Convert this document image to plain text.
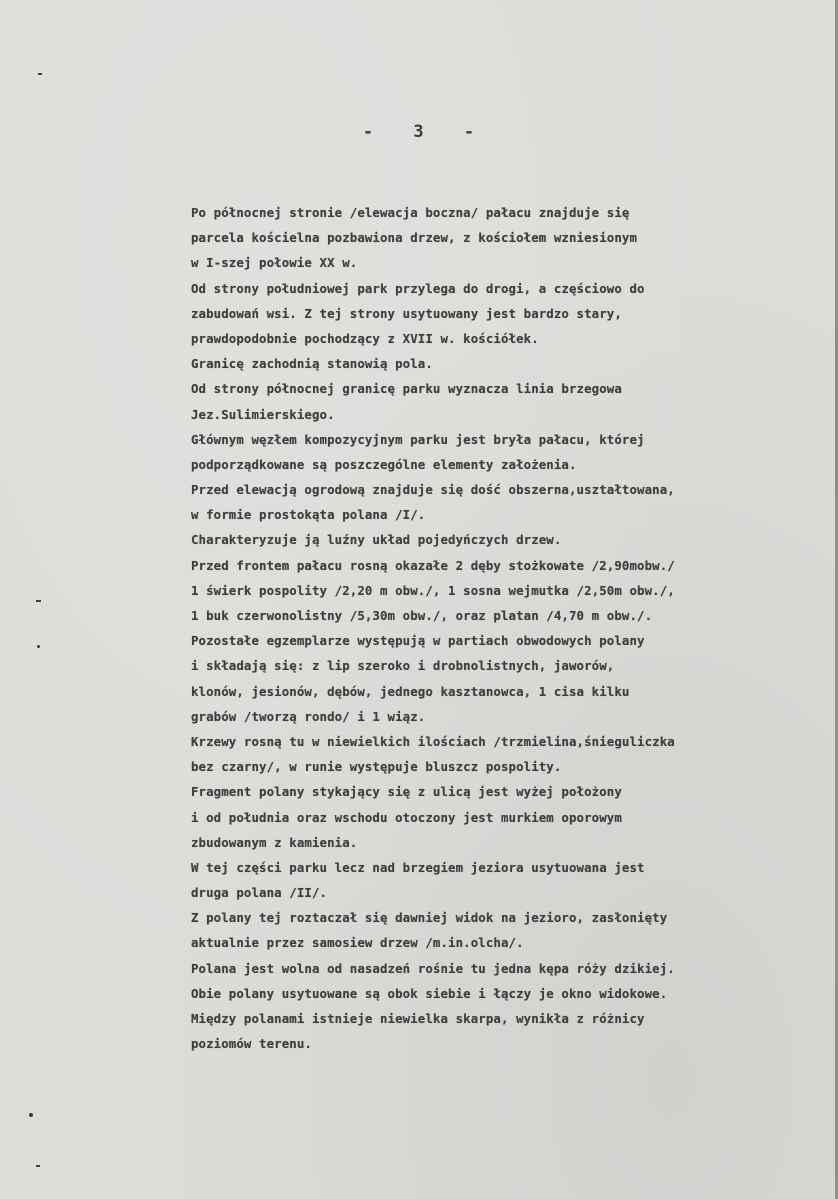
- 3 -

Po północnej stronie /elewacja boczna/ pałacu znajduje się
parcela kościelna pozbawiona drzew, z kościołem wzniesionym
w I-szej połowie XX w.
Od strony południowej park przylega do drogi, a częściowo do
zabudowań wsi. Z tej strony usytuowany jest bardzo stary,
prawdopodobnie pochodzący z XVII w. kościółek.
Granicę zachodnią stanowią pola.
Od strony północnej granicę parku wyznacza linia brzegowa
Jez.Sulimierskiego.
Głównym węzłem kompozycyjnym parku jest bryła pałacu, której
podporządkowane są poszczególne elementy założenia.
Przed elewacją ogrodową znajduje się dość obszerna,uształtowana,
w formie prostokąta polana /I/.
Charakteryzuje ją luźny układ pojedyńczych drzew.
Przed frontem pałacu rosną okazałe 2 dęby stożkowate /2,90mobw./
1 świerk pospolity /2,20 m obw./, 1 sosna wejmutka /2,50m obw./,
1 buk czerwonolistny /5,30m obw./, oraz platan /4,70 m obw./.
Pozostałe egzemplarze występują w partiach obwodowych polany
i składają się: z lip szeroko i drobnolistnych, jaworów,
klonów, jesionów, dębów, jednego kasztanowca, 1 cisa kilku
grabów /tworzą rondo/ i 1 wiąz.
Krzewy rosną tu w niewielkich ilościach /trzmielina,śnieguliczka
bez czarny/, w runie występuje bluszcz pospolity.
Fragment polany stykający się z ulicą jest wyżej położony
i od południa oraz wschodu otoczony jest murkiem oporowym
zbudowanym z kamienia.
W tej części parku lecz nad brzegiem jeziora usytuowana jest
druga polana /II/.
Z polany tej roztaczał się dawniej widok na jezioro, zasłonięty
aktualnie przez samosiew drzew /m.in.olcha/.
Polana jest wolna od nasadzeń rośnie tu jedna kępa róży dzikiej.
Obie polany usytuowane są obok siebie i łączy je okno widokowe.
Między polanami istnieje niewielka skarpa, wynikła z różnicy
poziomów terenu.
